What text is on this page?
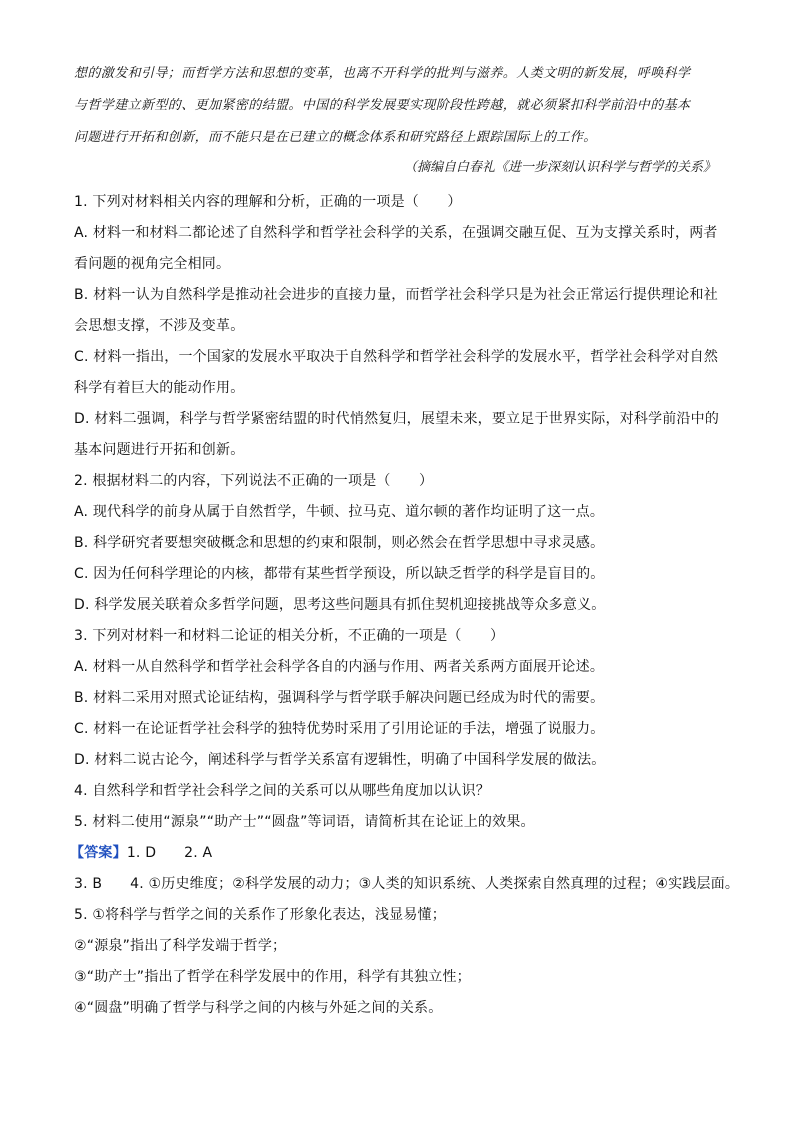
想的激发和引导；而哲学方法和思想的变革，也离不开科学的批判与滋养。人类文明的新发展，呼唤科学
与哲学建立新型的、更加紧密的结盟。中国的科学发展要实现阶段性跨越，就必须紧扣科学前沿中的基本
问题进行开拓和创新，而不能只是在已建立的概念体系和研究路径上跟踪国际上的工作。
（摘编自白春礼《进一步深刻认识科学与哲学的关系》
1. 下列对材料相关内容的理解和分析，正确的一项是（　　）
A. 材料一和材料二都论述了自然科学和哲学社会科学的关系，在强调交融互促、互为支撑关系时，两者
看问题的视角完全相同。
B. 材料一认为自然科学是推动社会进步的直接力量，而哲学社会科学只是为社会正常运行提供理论和社
会思想支撑，不涉及变革。
C. 材料一指出，一个国家的发展水平取决于自然科学和哲学社会科学的发展水平，哲学社会科学对自然
科学有着巨大的能动作用。
D. 材料二强调，科学与哲学紧密结盟的时代悄然复归，展望未来，要立足于世界实际，对科学前沿中的
基本问题进行开拓和创新。
2. 根据材料二的内容，下列说法不正确的一项是（　　）
A. 现代科学的前身从属于自然哲学，牛顿、拉马克、道尔顿的著作均证明了这一点。
B. 科学研究者要想突破概念和思想的约束和限制，则必然会在哲学思想中寻求灵感。
C. 因为任何科学理论的内核，都带有某些哲学预设，所以缺乏哲学的科学是盲目的。
D. 科学发展关联着众多哲学问题，思考这些问题具有抓住契机迎接挑战等众多意义。
3. 下列对材料一和材料二论证的相关分析，不正确的一项是（　　）
A. 材料一从自然科学和哲学社会科学各自的内涵与作用、两者关系两方面展开论述。
B. 材料二采用对照式论证结构，强调科学与哲学联手解决问题已经成为时代的需要。
C. 材料一在论证哲学社会科学的独特优势时采用了引用论证的手法，增强了说服力。
D. 材料二说古论今，阐述科学与哲学关系富有逻辑性，明确了中国科学发展的做法。
4. 自然科学和哲学社会科学之间的关系可以从哪些角度加以认识？
5. 材料二使用“源泉”“助产士”“圆盘”等词语，请简析其在论证上的效果。
【答案】1. D 2. A
3. B 4. ①历史维度；②科学发展的动力；③人类的知识系统、人类探索自然真理的过程；④实践层面。
5. ①将科学与哲学之间的关系作了形象化表达，浅显易懂；
②“源泉”指出了科学发端于哲学；
③“助产士”指出了哲学在科学发展中的作用，科学有其独立性；
④“圆盘”明确了哲学与科学之间的内核与外延之间的关系。
